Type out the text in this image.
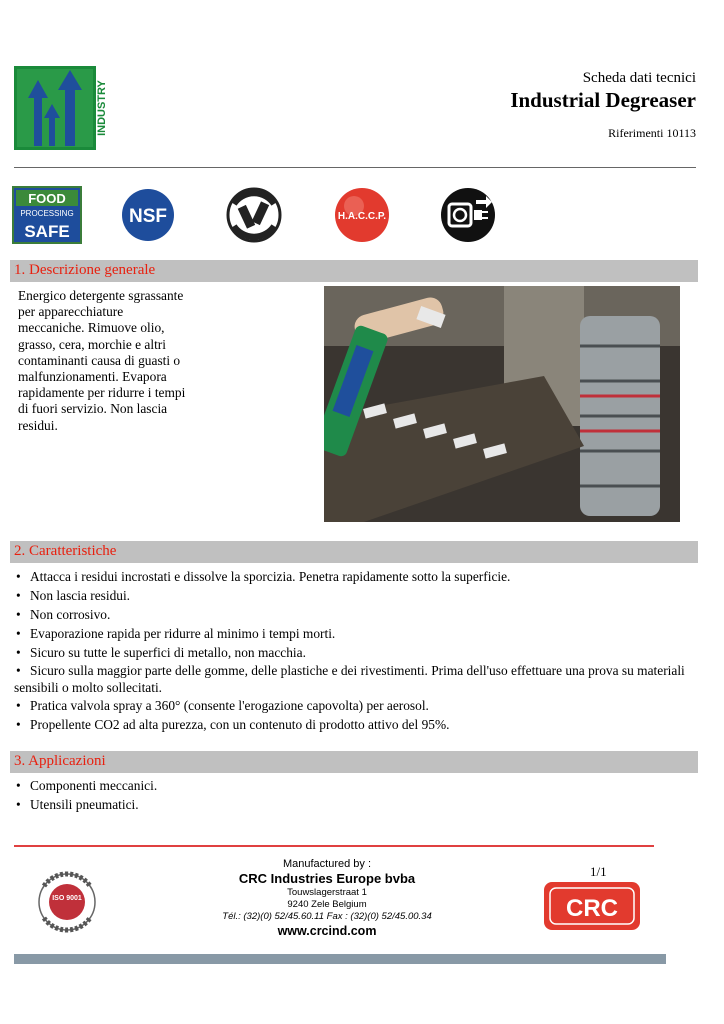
INDUSTRY
Scheda dati tecnici
Industrial Degreaser
Riferimenti 10113
FOOD
PROCESSING
SAFE
NSF	H.A.C.C.P.
1. Descrizione generale
Energico detergente sgrassante
per apparecchiature
meccaniche. Rimuove olio,
grasso, cera, morchie e altri
contaminanti causa di guasti o
malfunzionamenti. Evapora
rapidamente per ridurre i tempi
di fuori servizio. Non lascia
residui.
2. Caratteristiche
• Attacca i residui incrostati e dissolve la sporcizia. Penetra rapidamente sotto la superficie.
• Non lascia residui.
• Non corrosivo.
• Evaporazione rapida per ridurre al minimo i tempi morti.
• Sicuro su tutte le superfici di metallo, non macchia.
• Sicuro sulla maggior parte delle gomme, delle plastiche e dei rivestimenti. Prima dell'uso effettuare una prova su materiali sensibili o molto sollecitati.
• Pratica valvola spray a 360° (consente l'erogazione capovolta) per aerosol.
• Propellente CO2 ad alta purezza, con un contenuto di prodotto attivo del 95%.
3. Applicazioni
• Componenti meccanici.
• Utensili pneumatici.
ISO 9001
Manufactured by :
CRC Industries Europe bvba
Touwslagerstraat 1
9240 Zele Belgium
Tél.: (32)(0) 52/45.60.11 Fax : (32)(0) 52/45.00.34
www.crcind.com
1/1
CRC
